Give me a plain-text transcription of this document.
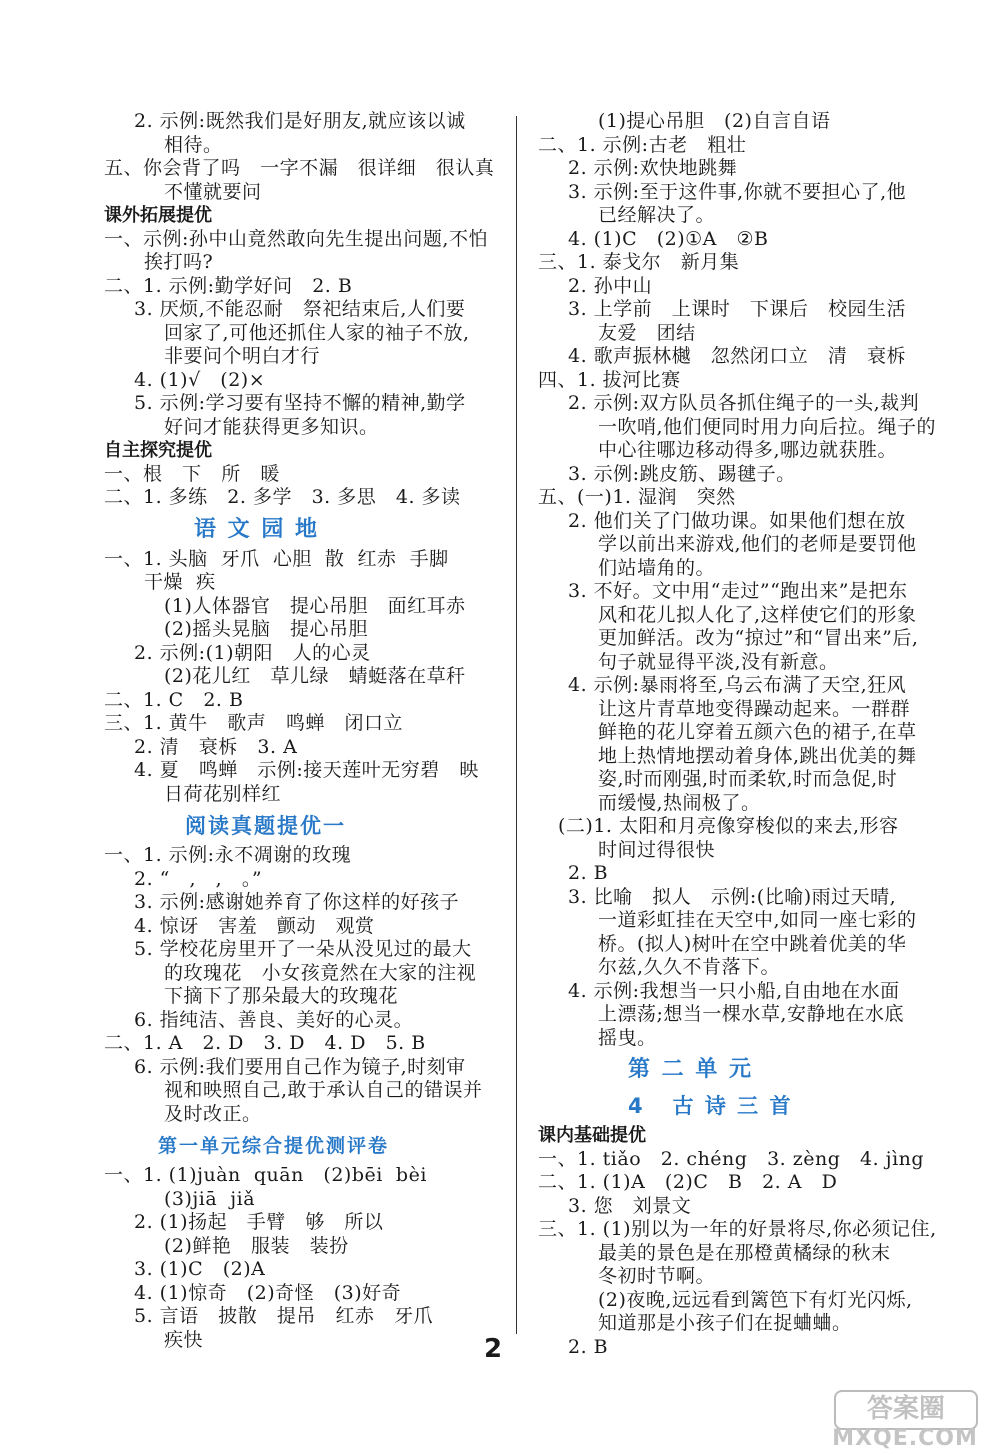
2. 示例:既然我们是好朋友,就应该以诚
相待。
五、你会背了吗   一字不漏   很详细   很认真
不懂就要问
课外拓展提优
一、示例:孙中山竟然敢向先生提出问题,不怕
挨打吗?
二、1. 示例:勤学好问   2. B
3. 厌烦,不能忍耐   祭祀结束后,人们要
回家了,可他还抓住人家的袖子不放,
非要问个明白才行
4. (1)√   (2)×
5. 示例:学习要有坚持不懈的精神,勤学
好问才能获得更多知识。
自主探究提优
一、根   下   所   暖
二、1. 多练   2. 多学   3. 多思   4. 多读
语 文 园 地
一、1. 头脑  牙爪  心胆  散  红赤  手脚
干燥  疾
(1)人体器官   提心吊胆   面红耳赤
(2)摇头晃脑   提心吊胆
2. 示例:(1)朝阳   人的心灵
(2)花儿红   草儿绿   蜻蜓落在草秆
二、1. C   2. B
三、1. 黄牛   歌声   鸣蝉   闭口立
2. 清   衰柝   3. A
4. 夏   鸣蝉   示例:接天莲叶无穷碧   映
日荷花别样红
阅读真题提优一
一、1. 示例:永不凋谢的玫瑰
2. “   ,   ,   。”
3. 示例:感谢她养育了你这样的好孩子
4. 惊讶   害羞   颤动   观赏
5. 学校花房里开了一朵从没见过的最大
的玫瑰花   小女孩竟然在大家的注视
下摘下了那朵最大的玫瑰花
6. 指纯洁、善良、美好的心灵。
二、1. A   2. D   3. D   4. D   5. B
6. 示例:我们要用自己作为镜子,时刻审
视和映照自己,敢于承认自己的错误并
及时改正。
第一单元综合提优测评卷
一、1. (1)juàn  quān   (2)bēi  bèi
(3)jiā  jiǎ
2. (1)扬起   手臂   够   所以
(2)鲜艳   服装   装扮
3. (1)C   (2)A
4. (1)惊奇   (2)奇怪   (3)好奇
5. 言语   披散   提吊   红赤   牙爪
疾快
(1)提心吊胆   (2)自言自语
二、1. 示例:古老   粗壮
2. 示例:欢快地跳舞
3. 示例:至于这件事,你就不要担心了,他
已经解决了。
4. (1)C   (2)①A   ②B
三、1. 泰戈尔   新月集
2. 孙中山
3. 上学前   上课时   下课后   校园生活
友爱   团结
4. 歌声振林樾   忽然闭口立   清   衰柝
四、1. 拔河比赛
2. 示例:双方队员各抓住绳子的一头,裁判
一吹哨,他们便同时用力向后拉。绳子的
中心往哪边移动得多,哪边就获胜。
3. 示例:跳皮筋、踢毽子。
五、(一)1. 湿润   突然
2. 他们关了门做功课。如果他们想在放
学以前出来游戏,他们的老师是要罚他
们站墙角的。
3. 不好。文中用“走过”“跑出来”是把东
风和花儿拟人化了,这样使它们的形象
更加鲜活。改为“掠过”和“冒出来”后,
句子就显得平淡,没有新意。
4. 示例:暴雨将至,乌云布满了天空,狂风
让这片青草地变得躁动起来。一群群
鲜艳的花儿穿着五颜六色的裙子,在草
地上热情地摆动着身体,跳出优美的舞
姿,时而刚强,时而柔软,时而急促,时
而缓慢,热闹极了。
(二)1. 太阳和月亮像穿梭似的来去,形容
时间过得很快
2. B
3. 比喻   拟人   示例:(比喻)雨过天晴,
一道彩虹挂在天空中,如同一座七彩的
桥。(拟人)树叶在空中跳着优美的华
尔兹,久久不肯落下。
4. 示例:我想当一只小船,自由地在水面
上漂荡;想当一棵水草,安静地在水底
摇曳。
第 二 单 元
4   古 诗 三 首
课内基础提优
一、1. tiǎo   2. chéng   3. zèng   4. jìng
二、1. (1)A   (2)C   B   2. A   D
3. 您   刘景文
三、1. (1)别以为一年的好景将尽,你必须记住,
最美的景色是在那橙黄橘绿的秋末
冬初时节啊。
(2)夜晚,远远看到篱笆下有灯光闪烁,
知道那是小孩子们在捉蛐蛐。
2. B
2
答案圈
MXQE.COM
